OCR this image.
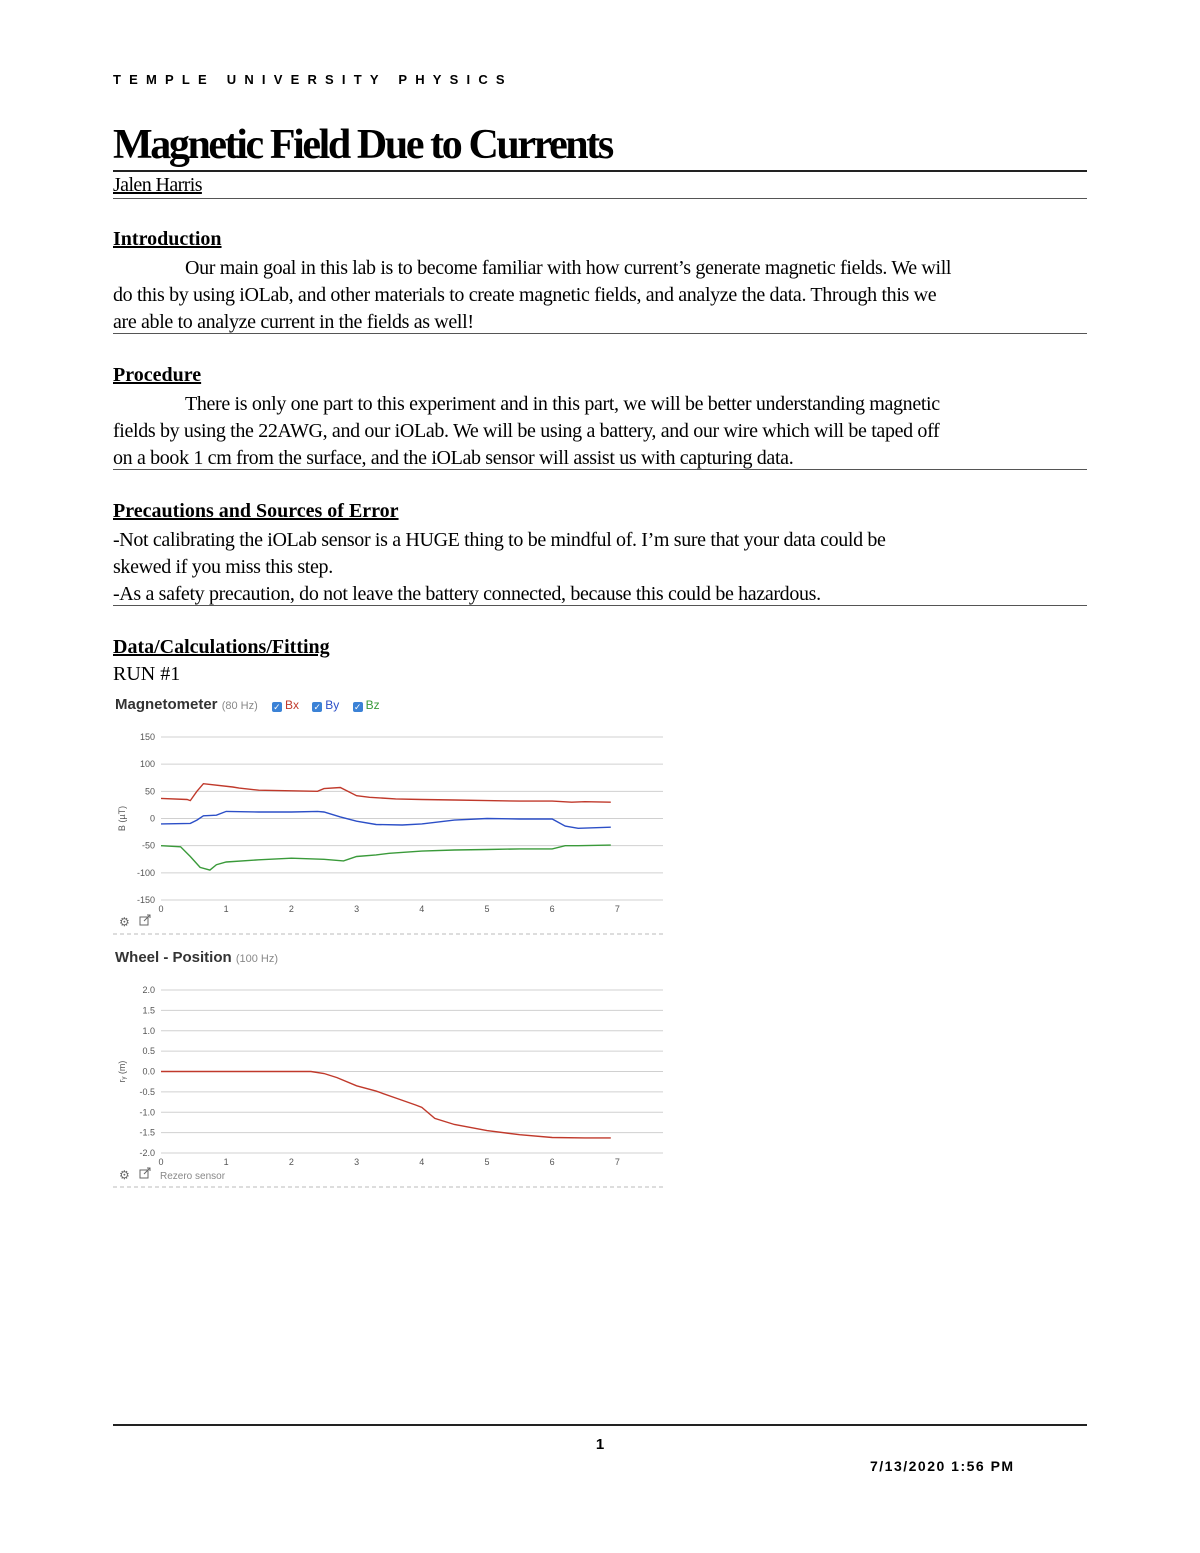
TEMPLE UNIVERSITY PHYSICS
Magnetic Field Due to Currents
Jalen Harris
Introduction
Our main goal in this lab is to become familiar with how current’s generate magnetic fields. We will
do this by using iOLab, and other materials to create magnetic fields, and analyze the data. Through this we
are able to analyze current in the fields as well!
Procedure
There is only one part to this experiment and in this part, we will be better understanding magnetic
fields by using the 22AWG, and our iOLab. We will be using a battery, and our wire which will be taped off
on a book 1 cm from the surface, and the iOLab sensor will assist us with capturing data.
Precautions and Sources of Error
-Not calibrating the iOLab sensor is a HUGE thing to be mindful of. I’m sure that your data could be
skewed if you miss this step.
-As a safety precaution, do not leave the battery connected, because this could be hazardous.
Data/Calculations/Fitting
RUN #1
Magnetometer (80 Hz) ✓ Bx ✓ By ✓ Bz
150
100
50
0
-50
-100
-150
0	1	2	3	4	5	6	7
B (µT)
⚙
Wheel - Position (100 Hz)
2.0
1.5
1.0
0.5
0.0
-0.5
-1.0
-1.5
-2.0
0	1	2	3	4	5	6	7
rᵧ (m)
⚙	Rezero sensor
1
7/13/2020 1:56 PM
